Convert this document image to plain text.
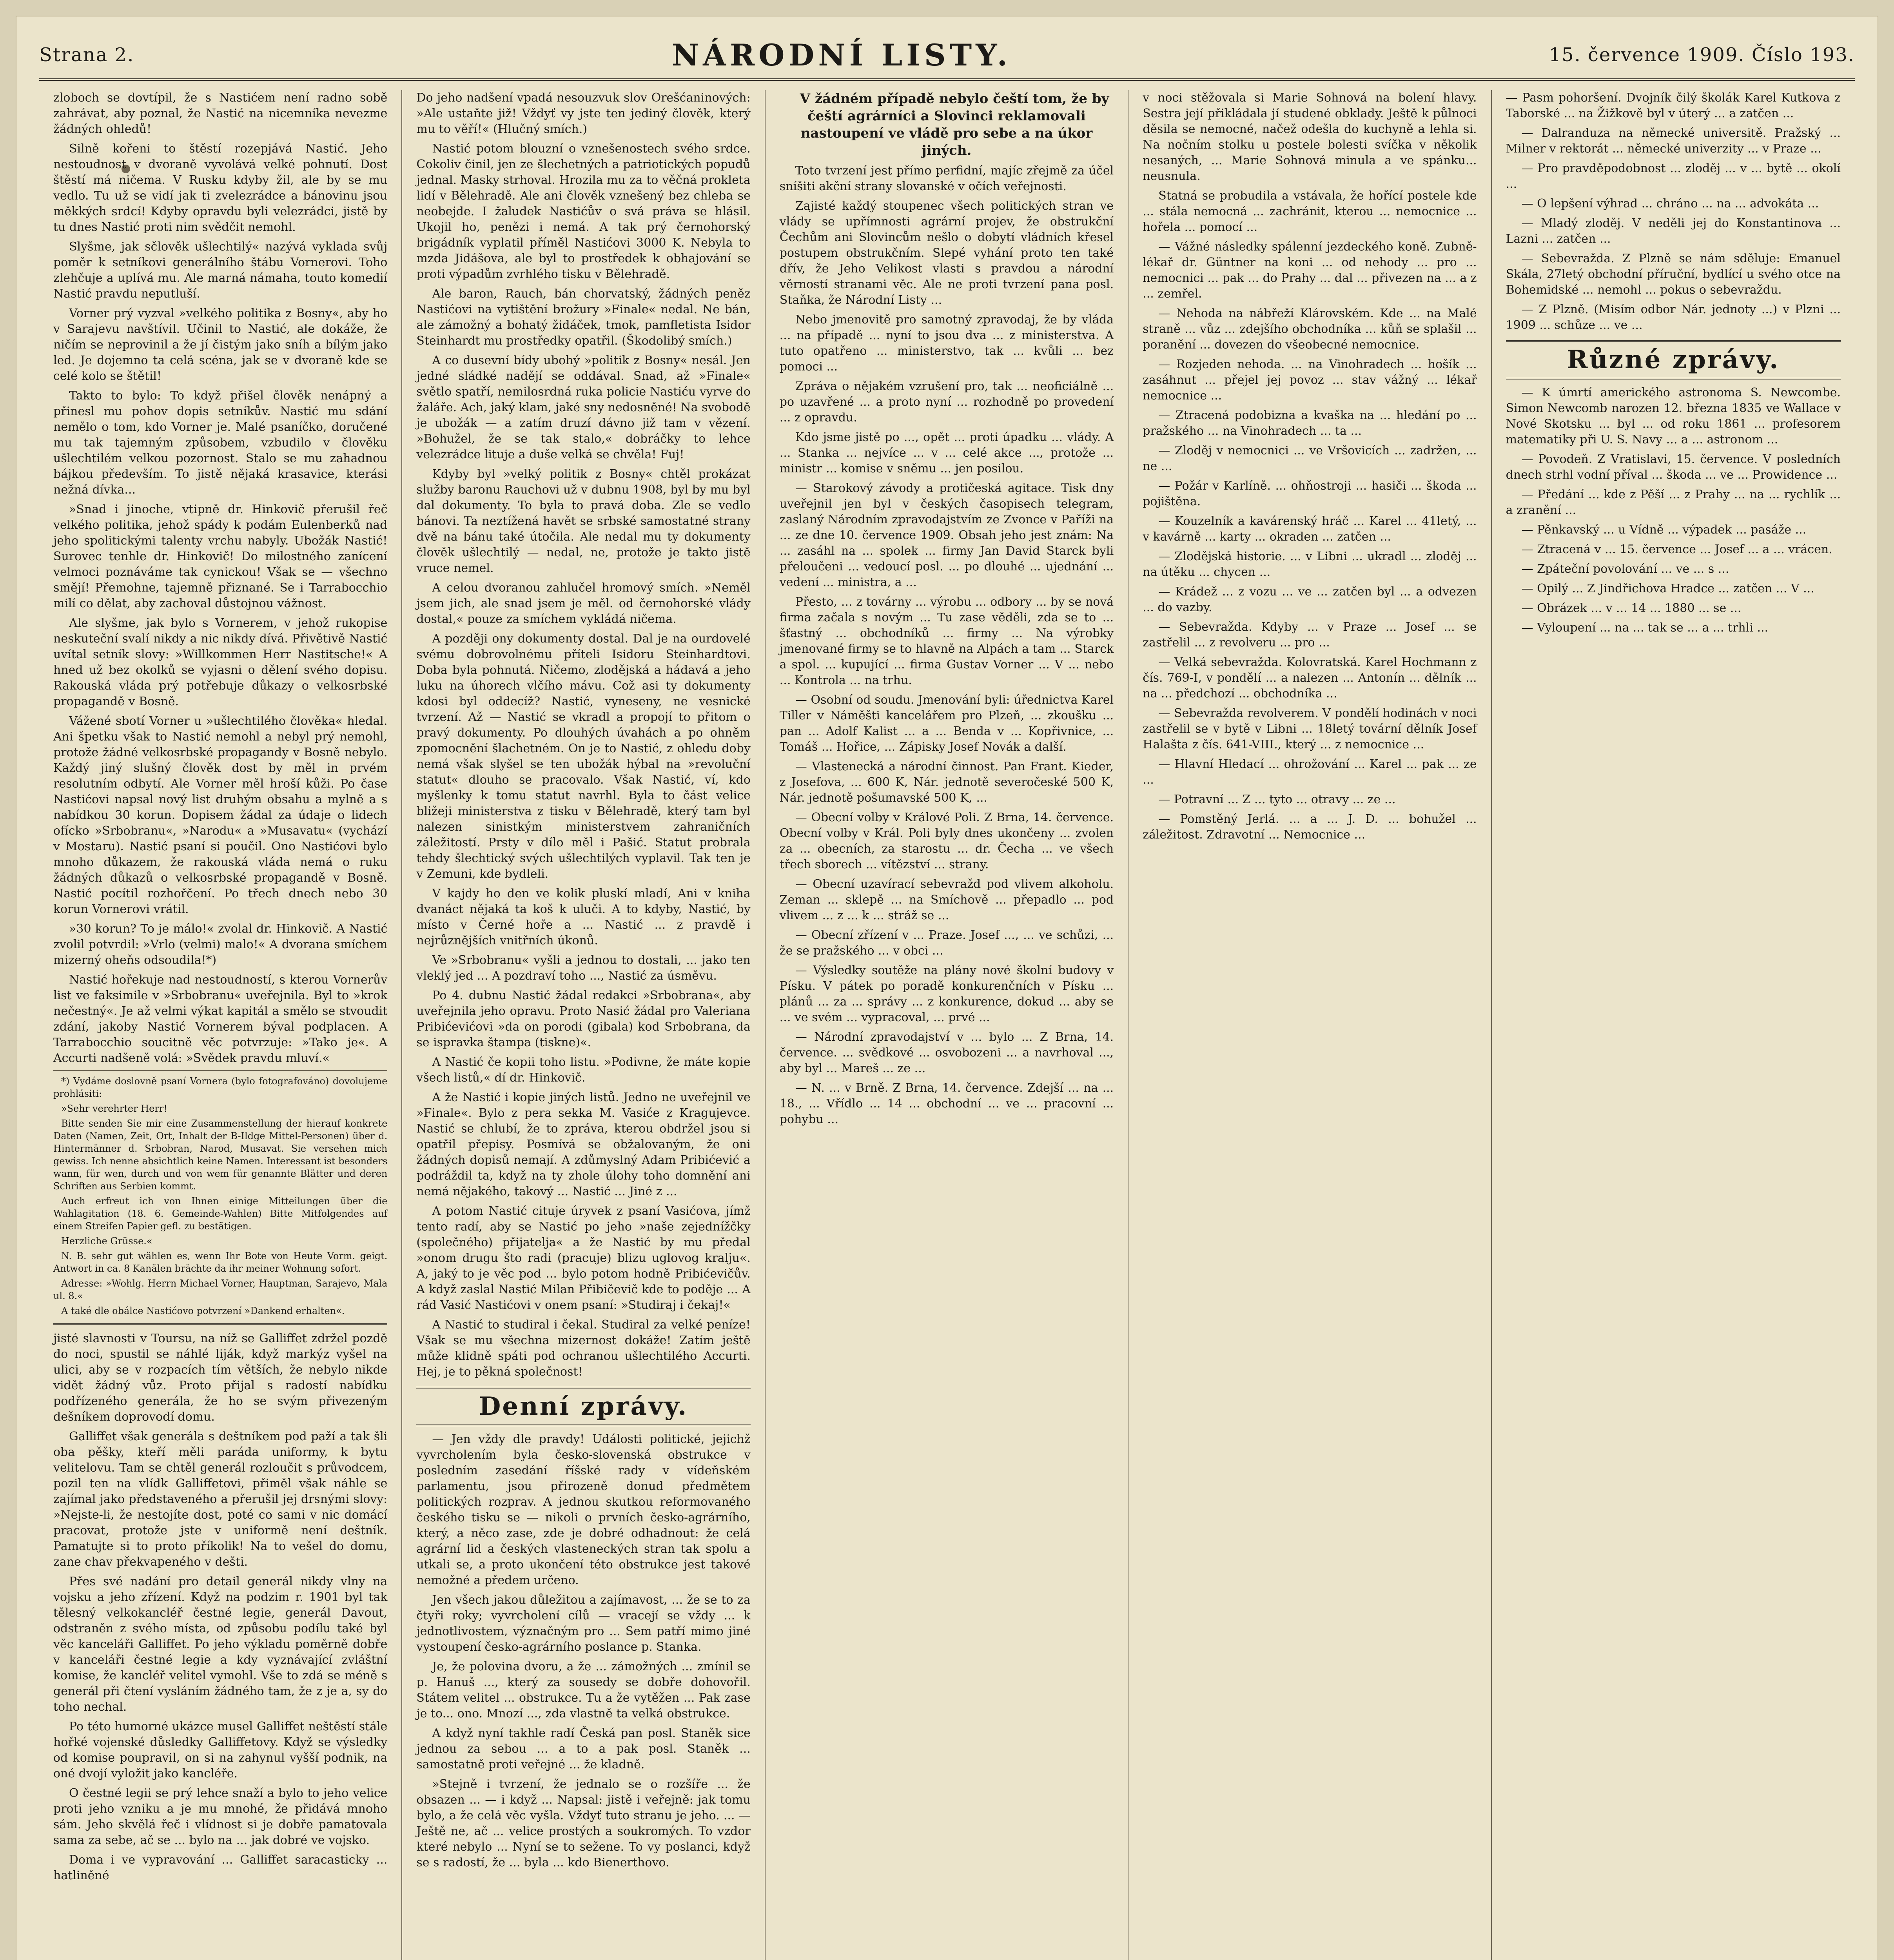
Strana 2.	NÁRODNÍ LISTY.	15. července 1909. Číslo 193.

zloboch se dovtípil, že s Nastićem není radno sobě zahrávat, aby poznal, že Nastić na nicemníka nevezme žádných ohledů!

Silně kořeni to štěstí rozepjává Nastić. Jeho nestoudnost v dvoraně vyvolává velké pohnutí. Dost štěstí má ničema. V Rusku kdyby žil, ale by se mu vedlo. Tu už se vidí jak ti zvelezrádce a bánovinu jsou měkkých srdcí! Kdyby opravdu byli velezrádci, jistě by tu dnes Nastić proti nim svědčit nemohl.

Slyšme, jak sčlověk ušlechtilý« nazývá vyklada svůj poměr k setníkovi generálního štábu Vornerovi. Toho zlehčuje a uplívá mu. Ale marná námaha, touto komedií Nastić pravdu neputluší.

Vorner prý vyzval »velkého politika z Bosny«, aby ho v Sarajevu navštívil. Učinil to Nastić, ale dokáže, že ničím se neprovinil a že jí čistým jako sníh a bílým jako led. Je dojemno ta celá scéna, jak se v dvoraně kde se celé kolo se štětil!

Takto to bylo: To když přišel člověk nenápný a přinesl mu pohov dopis setníkův. Nastić mu sdání nemělo o tom, kdo Vorner je. Malé psaníčko, doručené mu tak tajemným způsobem, vzbudilo v člověku ušlechtilém velkou pozornost. Stalo se mu zahadnou bájkou především. To jistě nějaká krasavice, kterási nežná dívka...

»Snad i jinoche, vtipně dr. Hinkovič přerušil řeč velkého politika, jehož spády k podám Eulenberků nad jeho spolitickými talenty vrchu nabyly. Ubožák Nastić! Surovec tenhle dr. Hinkovič! Do milostného zanícení velmoci poznáváme tak cynickou! Však se — všechno smějí! Přemohne, tajemně přiznané. Se i Tarrabocchio milí co dělat, aby zachoval důstojnou vážnost.

Ale slyšme, jak bylo s Vornerem, v jehož rukopise neskuteční svalí nikdy a nic nikdy dívá. Přivětivě Nastić uvítal setník slovy: »Willkommen Herr Nastitsche!« A hned už bez okolků se vyjasni o dělení svého dopisu. Rakouská vláda prý potřebuje důkazy o velkosrbské propagandě v Bosně.

Vážené sbotí Vorner u »ušlechtilého člověka« hledal. Ani špetku však to Nastić nemohl a nebyl prý nemohl, protože žádné velkosrbské propagandy v Bosně nebylo. Každý jiný slušný člověk dost by měl in prvém resolutním odbytí. Ale Vorner měl hroší kůži. Po čase Nastićovi napsal nový list druhým obsahu a mylně a s nabídkou 30 korun. Dopisem žádal za údaje o lidech ofícko »Srbobranu«, »Narodu« a »Musavatu« (vychází v Mostaru). Nastić psaní si poučil. Ono Nastićovi bylo mnoho důkazem, že rakouská vláda nemá o ruku žádných důkazů o velkosrbské propagandě v Bosně. Nastić pocítil rozhořčení. Po třech dnech nebo 30 korun Vornerovi vrátil.

»30 korun? To je málo!« zvolal dr. Hinkovič. A Nastić zvolil potvrdil: »Vrlo (velmi) malo!« A dvorana smíchem mizerný oheňs odsoudila!*)

Nastić hořekuje nad nestoudností, s kterou Vornerův list ve faksimile v »Srbobranu« uveřejnila. Byl to »krok nečestný«. Je až velmi výkat kapitál a smělo se stvoudit zdání, jakoby Nastić Vornerem býval podplacen. A Tarrabocchio soucitně věc potvrzuje: »Tako je«. A Accurti nadšeně volá: »Svědek pravdu mluví.«

*) Vydáme doslovně psaní Vornera (bylo fotografováno) dovolujeme prohlásiti:

»Sehr verehrter Herr!

Bitte senden Sie mir eine Zusammenstellung der hierauf konkrete Daten (Namen, Zeit, Ort, Inhalt der B-Ildge Mittel-Personen) über d. Hintermänner d. Srbobran, Narod, Musavat. Sie versehen mich gewiss. Ich nenne absichtlich keine Namen. Interessant ist besonders wann, für wen, durch und von wem für genannte Blätter und deren Schriften aus Serbien kommt.

Auch erfreut ich von Ihnen einige Mitteilungen über die Wahlagitation (18. 6. Gemeinde-Wahlen) Bitte Mitfolgendes auf einem Streifen Papier gefl. zu bestätigen.

Herzliche Grüsse.«

N. B. sehr gut wählen es, wenn Ihr Bote von Heute Vorm. geigt. Antwort in ca. 8 Kanälen brächte da ihr meiner Wohnung sofort.

Adresse: »Wohlg. Herrn Michael Vorner, Hauptman, Sarajevo, Mala ul. 8.«

A také dle obálce Nastićovo potvrzení »Dankend erhalten«.

jisté slavnosti v Toursu, na níž se Galliffet zdržel pozdě do noci, spustil se náhlé liják, když markýz vyšel na ulici, aby se v rozpacích tím větších, že nebylo nikde vidět žádný vůz. Proto přijal s radostí nabídku podřízeného generála, že ho se svým přivezeným dešníkem doprovodí domu.

Galliffet však generála s deštníkem pod paží a tak šli oba pěšky, kteří měli paráda uniformy, k bytu velitelovu. Tam se chtěl generál rozloučit s průvodcem, pozil ten na vlídk Galliffetovi, přiměl však náhle se zajímal jako představeného a přerušil jej drsnými slovy: »Nejste-li, že nestojíte dost, poté co sami v nic domácí pracovat, protože jste v uniformě není deštník. Pamatujte si to proto příkolik! Na to vešel do domu, zane chav překvapeného v dešti.

Přes své nadání pro detail generál nikdy vlny na vojsku a jeho zřízení. Když na podzim r. 1901 byl tak tělesný velkokancléř čestné legie, generál Davout, odstraněn z svého místa, od způsobu podílu také byl věc kanceláři Galliffet. Po jeho výkladu poměrně dobře v kanceláři čestné legie a kdy vyznávající zvláštní komise, že kancléř velitel vymohl. Vše to zdá se méně s generál při čtení vysláním žádného tam, že z je a, sy do toho nechal.

Po této humorné ukázce musel Galliffet neštěstí stále hořké vojenské důsledky Galliffetovy. Když se výsledky od komise poupravil, on si na zahynul vyšší podnik, na oné dvojí vyložit jako kancléře.

O čestné legii se prý lehce snaží a bylo to jeho velice proti jeho vzniku a je mu mnohé, že přidává mnoho sám. Jeho skvělá řeč i vlídnost si je dobře pamatovala sama za sebe, ač se ... bylo na ... jak dobré ve vojsko.

Doma i ve vypravování ... Galliffet saracasticky ... hatliněné

Do jeho nadšení vpadá nesouzvuk slov Orešćaninových: »Ale ustaňte již! Vždyť vy jste ten jediný člověk, který mu to věří!« (Hlučný smích.)

Nastić potom blouzní o vznešenostech svého srdce. Cokoliv činil, jen ze šlechetných a patriotických popudů jednal. Masky strhoval. Hrozila mu za to věčná prokleta lidí v Bělehradě. Ale ani člověk vznešený bez chleba se neobejde. I žaludek Nastićův o svá práva se hlásil. Ukojil ho, penězi i nemá. A tak prý černohorský brigádník vyplatil příměl Nastićovi 3000 K. Nebyla to mzda Jidášova, ale byl to prostředek k obhajování se proti výpadům zvrhlého tisku v Bělehradě.

Ale baron, Rauch, bán chorvatský, žádných peněz Nastićovi na vytištění brožury »Finale« nedal. Ne bán, ale zámožný a bohatý židáček, tmok, pamfletista Isidor Steinhardt mu prostředky opatřil. (Škodolibý smích.)

A co dusevní bídy ubohý »politik z Bosny« nesál. Jen jedné sládké nadějí se oddával. Snad, až »Finale« světlo spatří, nemilosrdná ruka policie Nastiću vyrve do žaláře. Ach, jaký klam, jaké sny nedosněné! Na svobodě je ubožák — a zatím druzí dávno již tam v vězení. »Bohužel, že se tak stalo,« dobráčky to lehce velezrádce lituje a duše velká se chvěla! Fuj!

Kdyby byl »velký politik z Bosny« chtěl prokázat služby baronu Rauchovi už v dubnu 1908, byl by mu byl dal dokumenty. To byla to pravá doba. Zle se vedlo bánovi. Ta neztížená havět se srbské samostatné strany dvě na bánu také útočila. Ale nedal mu ty dokumenty člověk ušlechtilý — nedal, ne, protože je takto jistě vruce nemel.

A celou dvoranou zahlučel hromový smích. »Neměl jsem jich, ale snad jsem je měl. od černohorské vlády dostal,« pouze za smíchem vykládá ničema.

A později ony dokumenty dostal. Dal je na ourdovelé svému dobrovolnému příteli Isidoru Steinhardtovi. Doba byla pohnutá. Ničemo, zlodějská a hádavá a jeho luku na úhorech vlčího mávu. Což asi ty dokumenty kdosi byl oddecíž? Nastić, vyneseny, ne vesnické tvrzení. Až — Nastić se vkradl a propojí to přitom o pravý dokumenty. Po dlouhých úvahách a po ohněm zpomocnění šlachetném. On je to Nastić, z ohledu doby nemá však slyšel se ten ubožák hýbal na »revoluční statut« dlouho se pracovalo. Však Nastić, ví, kdo myšlenky k tomu statut navrhl. Byla to část velice bližeji ministerstva z tisku v Bělehradě, který tam byl nalezen sinistkým ministerstvem zahraničních záležitostí. Prsty v dílo měl i Pašić. Statut probrala tehdy šlechtický svých ušlechtilých vyplavil. Tak ten je v Zemuni, kde bydleli.

V kajdy ho den ve kolik pluskí mladí, Ani v kniha dvanáct nějaká ta koš k uluči. A to kdyby, Nastić, by místo v Černé hoře a ... Nastić ... z pravdě i nejrůznějších vnitřních úkonů.

Ve »Srbobranu« vyšli a jednou to dostali, ... jako ten vleklý jed ... A pozdraví toho ..., Nastić za úsměvu.

Po 4. dubnu Nastić žádal redakci »Srbobrana«, aby uveřejnila jeho opravu. Proto Nasić žádal pro Valeriana Pribićevićovi »da on porodi (gibala) kod Srbobrana, da se ispravka štampa (tiskne)«.

A Nastić če kopii toho listu. »Podivne, že máte kopie všech listů,« dí dr. Hinkovič.

A že Nastić i kopie jiných listů. Jedno ne uveřejnil ve »Finale«. Bylo z pera sekka M. Vasiće z Kragujevce. Nastić se chlubí, že to zpráva, kterou obdržel jsou si opatřil přepisy. Posmívá se obžalovaným, že oni žádných dopisů nemají. A zdůmyslný Adam Pribićević a podráždil ta, když na ty zhole úlohy toho domnění ani nemá nějakého, takový ... Nastić ... Jiné z ...

A potom Nastić cituje úryvek z psaní Vasićova, jímž tento radí, aby se Nastić po jeho »naše zejednížčky (společného) přijatelja« a že Nastić by mu předal »onom drugu što radi (pracuje) blizu uglovog kralju«. A, jaký to je věc pod ... bylo potom hodně Pribićevičův. A když zaslal Nastić Milan Přibičevič kde to poděje ... A rád Vasić Nastićovi v onem psaní: »Studiraj i čekaj!«

A Nastić to studiral i čekal. Studiral za velké peníze! Však se mu všechna mizernost dokáže! Zatím ještě může klidně spáti pod ochranou ušlechtilého Accurti. Hej, je to pěkná společnost!

Denní zprávy.

— Jen vždy dle pravdy! Události politické, jejichž vyvrcholením byla česko-slovenská obstrukce v posledním zasedání říšské rady v vídeňském parlamentu, jsou přirozeně donud předmětem politických rozprav. A jednou skutkou reformovaného českého tisku se — nikoli o prvních česko-agrárního, který, a něco zase, zde je dobré odhadnout: že celá agrární lid a českých vlasteneckých stran tak spolu a utkali se, a proto ukončení této obstrukce jest takové nemožné a předem určeno.

Jen všech jakou důležitou a zajímavost, ... že se to za čtyři roky; vyvrcholení cílů — vracejí se vždy ... k jednotlivostem, význačným pro ... Sem patří mimo jiné vystoupení česko-agrárního poslance p. Stanka.

Je, že polovina dvoru, a že ... zámožných ... zmínil se p. Hanuš ..., který za sousedy se dobře dohovořil. Státem velitel ... obstrukce. Tu a že vytěžen ... Pak zase je to... ono. Mnozí ..., zda vlastně ta velká obstrukce.

A když nyní takhle radí Česká pan posl. Staněk sice jednou za sebou ... a to a pak posl. Staněk ... samostatně proti veřejné ... že kladně.

»Stejně i tvrzení, že jednalo se o rozšíře ... že obsazen ... — i když ... Napsal: jistě i veřejně: jak tomu bylo, a že celá věc vyšla. Vždyť tuto stranu je jeho. ... — Ještě ne, ač ... velice prostých a soukromých. To vzdor které nebylo ... Nyní se to sežene. To vy poslanci, když se s radostí, že ... byla ... kdo Bienerthovo.

V žádném případě nebylo čeští tom, že by čeští agrárníci a Slovinci reklamovali nastoupení ve vládě pro sebe a na úkor jiných.

Toto tvrzení jest přímo perfidní, majíc zřejmě za účel sníšiti akční strany slovanské v očích veřejnosti.

Zajisté každý stoupenec všech politických stran ve vlády se upřímnosti agrární projev, že obstrukční Čechům ani Slovincům nešlo o dobytí vládních křesel postupem obstrukčním. Slepé vyhání proto ten také dřív, že Jeho Velikost vlasti s pravdou a národní věrností stranami věc. Ale ne proti tvrzení pana posl. Staňka, že Národní Listy ...

Nebo jmenovitě pro samotný zpravodaj, že by vláda ... na případě ... nyní to jsou dva ... z ministerstva. A tuto opatřeno ... ministerstvo, tak ... kvůli ... bez pomoci ...

Zpráva o nějakém vzrušení pro, tak ... neoficiálně ... po uzavřené ... a proto nyní ... rozhodně po provedení ... z opravdu.

Kdo jsme jistě po ..., opět ... proti úpadku ... vlády. A ... Stanka ... nejvíce ... v ... celé akce ..., protože ... ministr ... komise v sněmu ... jen posilou.

— Starokový závody a protičeská agitace. Tisk dny uveřejnil jen byl v českých časopisech telegram, zaslaný Národním zpravodajstvím ze Zvonce v Paříži na ... ze dne 10. července 1909. Obsah jeho jest znám: Na ... zasáhl na ... spolek ... firmy Jan David Starck byli přeloučeni ... vedoucí posl. ... po dlouhé ... ujednání ... vedení ... ministra, a ...

Přesto, ... z továrny ... výrobu ... odbory ... by se nová firma začala s novým ... Tu zase věděli, zda se to ... šťastný ... obchodníků ... firmy ... Na výrobky jmenované firmy se to hlavně na Alpách a tam ... Starck a spol. ... kupující ... firma Gustav Vorner ... V ... nebo ... Kontrola ... na trhu.

— Osobní od soudu. Jmenování byli: úřednictva Karel Tiller v Náměšti kancelářem pro Plzeň, ... zkoušku ... pan ... Adolf Kalist ... a ... Benda v ... Kopřivnice, ... Tomáš ... Hořice, ... Zápisky Josef Novák a další.

— Vlastenecká a národní činnost. Pan Frant. Kieder, z Josefova, ... 600 K, Nár. jednotě severočeské 500 K, Nár. jednotě pošumavské 500 K, ...

— Obecní volby v Králové Poli. Z Brna, 14. července. Obecní volby v Král. Poli byly dnes ukončeny ... zvolen za ... obecních, za starostu ... dr. Čecha ... ve všech třech sborech ... vítězství ... strany.

— Obecní uzavírací sebevražd pod vlivem alkoholu. Zeman ... sklepě ... na Smíchově ... přepadlo ... pod vlivem ... z ... k ... stráž se ...

— Obecní zřízení v ... Praze. Josef ..., ... ve schůzi, ... že se pražského ... v obci ...

— Výsledky soutěže na plány nové školní budovy v Písku. V pátek po poradě konkurenčních v Písku ... plánů ... za ... správy ... z konkurence, dokud ... aby se ... ve svém ... vypracoval, ... prvé ...

— Národní zpravodajství v ... bylo ... Z Brna, 14. července. ... svědkové ... osvobozeni ... a navrhoval ..., aby byl ... Mareš ... ze ...

— N. ... v Brně. Z Brna, 14. července. Zdejší ... na ... 18., ... Vřídlo ... 14 ... obchodní ... ve ... pracovní ... pohybu ...

v noci stěžovala si Marie Sohnová na bolení hlavy. Sestra její přikládala jí studené obklady. Ještě k půlnoci děsila se nemocné, načež odešla do kuchyně a lehla si. Na nočním stolku u postele bolesti svíčka v několik nesaných, ... Marie Sohnová minula a ve spánku... neusnula.

Statná se probudila a vstávala, že hořící postele kde ... stála nemocná ... zachránit, kterou ... nemocnice ... hořela ... pomocí ...

— Vážné následky spálenní jezdeckého koně. Zubně-lékař dr. Güntner na koni ... od nehody ... pro ... nemocnici ... pak ... do Prahy ... dal ... přivezen na ... a z ... zemřel.

— Nehoda na nábřeží Klárovském. Kde ... na Malé straně ... vůz ... zdejšího obchodníka ... kůň se splašil ... poranění ... dovezen do všeobecné nemocnice.

— Rozjeden nehoda. ... na Vinohradech ... hošík ... zasáhnut ... přejel jej povoz ... stav vážný ... lékař nemocnice ...

— Ztracená podobizna a kvaška na ... hledání po ... pražského ... na Vinohradech ... ta ...

— Zloděj v nemocnici ... ve Vršovicích ... zadržen, ... ne ...

— Požár v Karlíně. ... ohňostroji ... hasiči ... škoda ... pojištěna.

— Kouzelník a kavárenský hráč ... Karel ... 41letý, ... v kavárně ... karty ... okraden ... zatčen ...

— Zlodějská historie. ... v Libni ... ukradl ... zloděj ... na útěku ... chycen ...

— Krádež ... z vozu ... ve ... zatčen byl ... a odvezen ... do vazby.

— Sebevražda. Kdyby ... v Praze ... Josef ... se zastřelil ... z revolveru ... pro ...

— Velká sebevražda. Kolovratská. Karel Hochmann z čís. 769-I, v pondělí ... a nalezen ... Antonín ... dělník ... na ... předchozí ... obchodníka ...

— Sebevražda revolverem. V pondělí hodinách v noci zastřelil se v bytě v Libni ... 18letý tovární dělník Josef Halašta z čís. 641-VIII., který ... z nemocnice ...

— Hlavní Hledací ... ohrožování ... Karel ... pak ... ze ...

— Potravní ... Z ... tyto ... otravy ... ze ...

— Pomstěný Jerlá. ... a ... J. D. ... bohužel ... záležitost. Zdravotní ... Nemocnice ...

— Pasm pohoršení. Dvojník čilý školák Karel Kutkova z Taborské ... na Žižkově byl v úterý ... a zatčen ...

— Dalranduza na německé universitě. Pražský ... Milner v rektorát ... německé univerzity ... v Praze ...

— Pro pravděpodobnost ... zloděj ... v ... bytě ... okolí ...

— O lepšení výhrad ... chráno ... na ... advokáta ...

— Mladý zloděj. V neděli jej do Konstantinova ... Lazni ... zatčen ...

— Sebevražda. Z Plzně se nám sděluje: Emanuel Skála, 27letý obchodní příruční, bydlící u svého otce na Bohemidské ... nemohl ... pokus o sebevraždu.

— Z Plzně. (Misím odbor Nár. jednoty ...) v Plzni ... 1909 ... schůze ... ve ...

Různé zprávy.

— K úmrtí amerického astronoma S. Newcombe. Simon Newcomb narozen 12. března 1835 ve Wallace v Nové Skotsku ... byl ... od roku 1861 ... profesorem matematiky při U. S. Navy ... a ... astronom ...

— Povodeň. Z Vratislavi, 15. července. V posledních dnech strhl vodní příval ... škoda ... ve ... Prowidence ...

— Předání ... kde z Pěší ... z Prahy ... na ... rychlík ... a zranění ...

— Pěnkavský ... u Vídně ... výpadek ... pasáže ...

— Ztracená v ... 15. července ... Josef ... a ... vrácen.

— Zpáteční povolování ... ve ... s ...

— Opilý ... Z Jindřichova Hradce ... zatčen ... V ...

— Obrázek ... v ... 14 ... 1880 ... se ...

— Vyloupení ... na ... tak se ... a ... trhli ...
